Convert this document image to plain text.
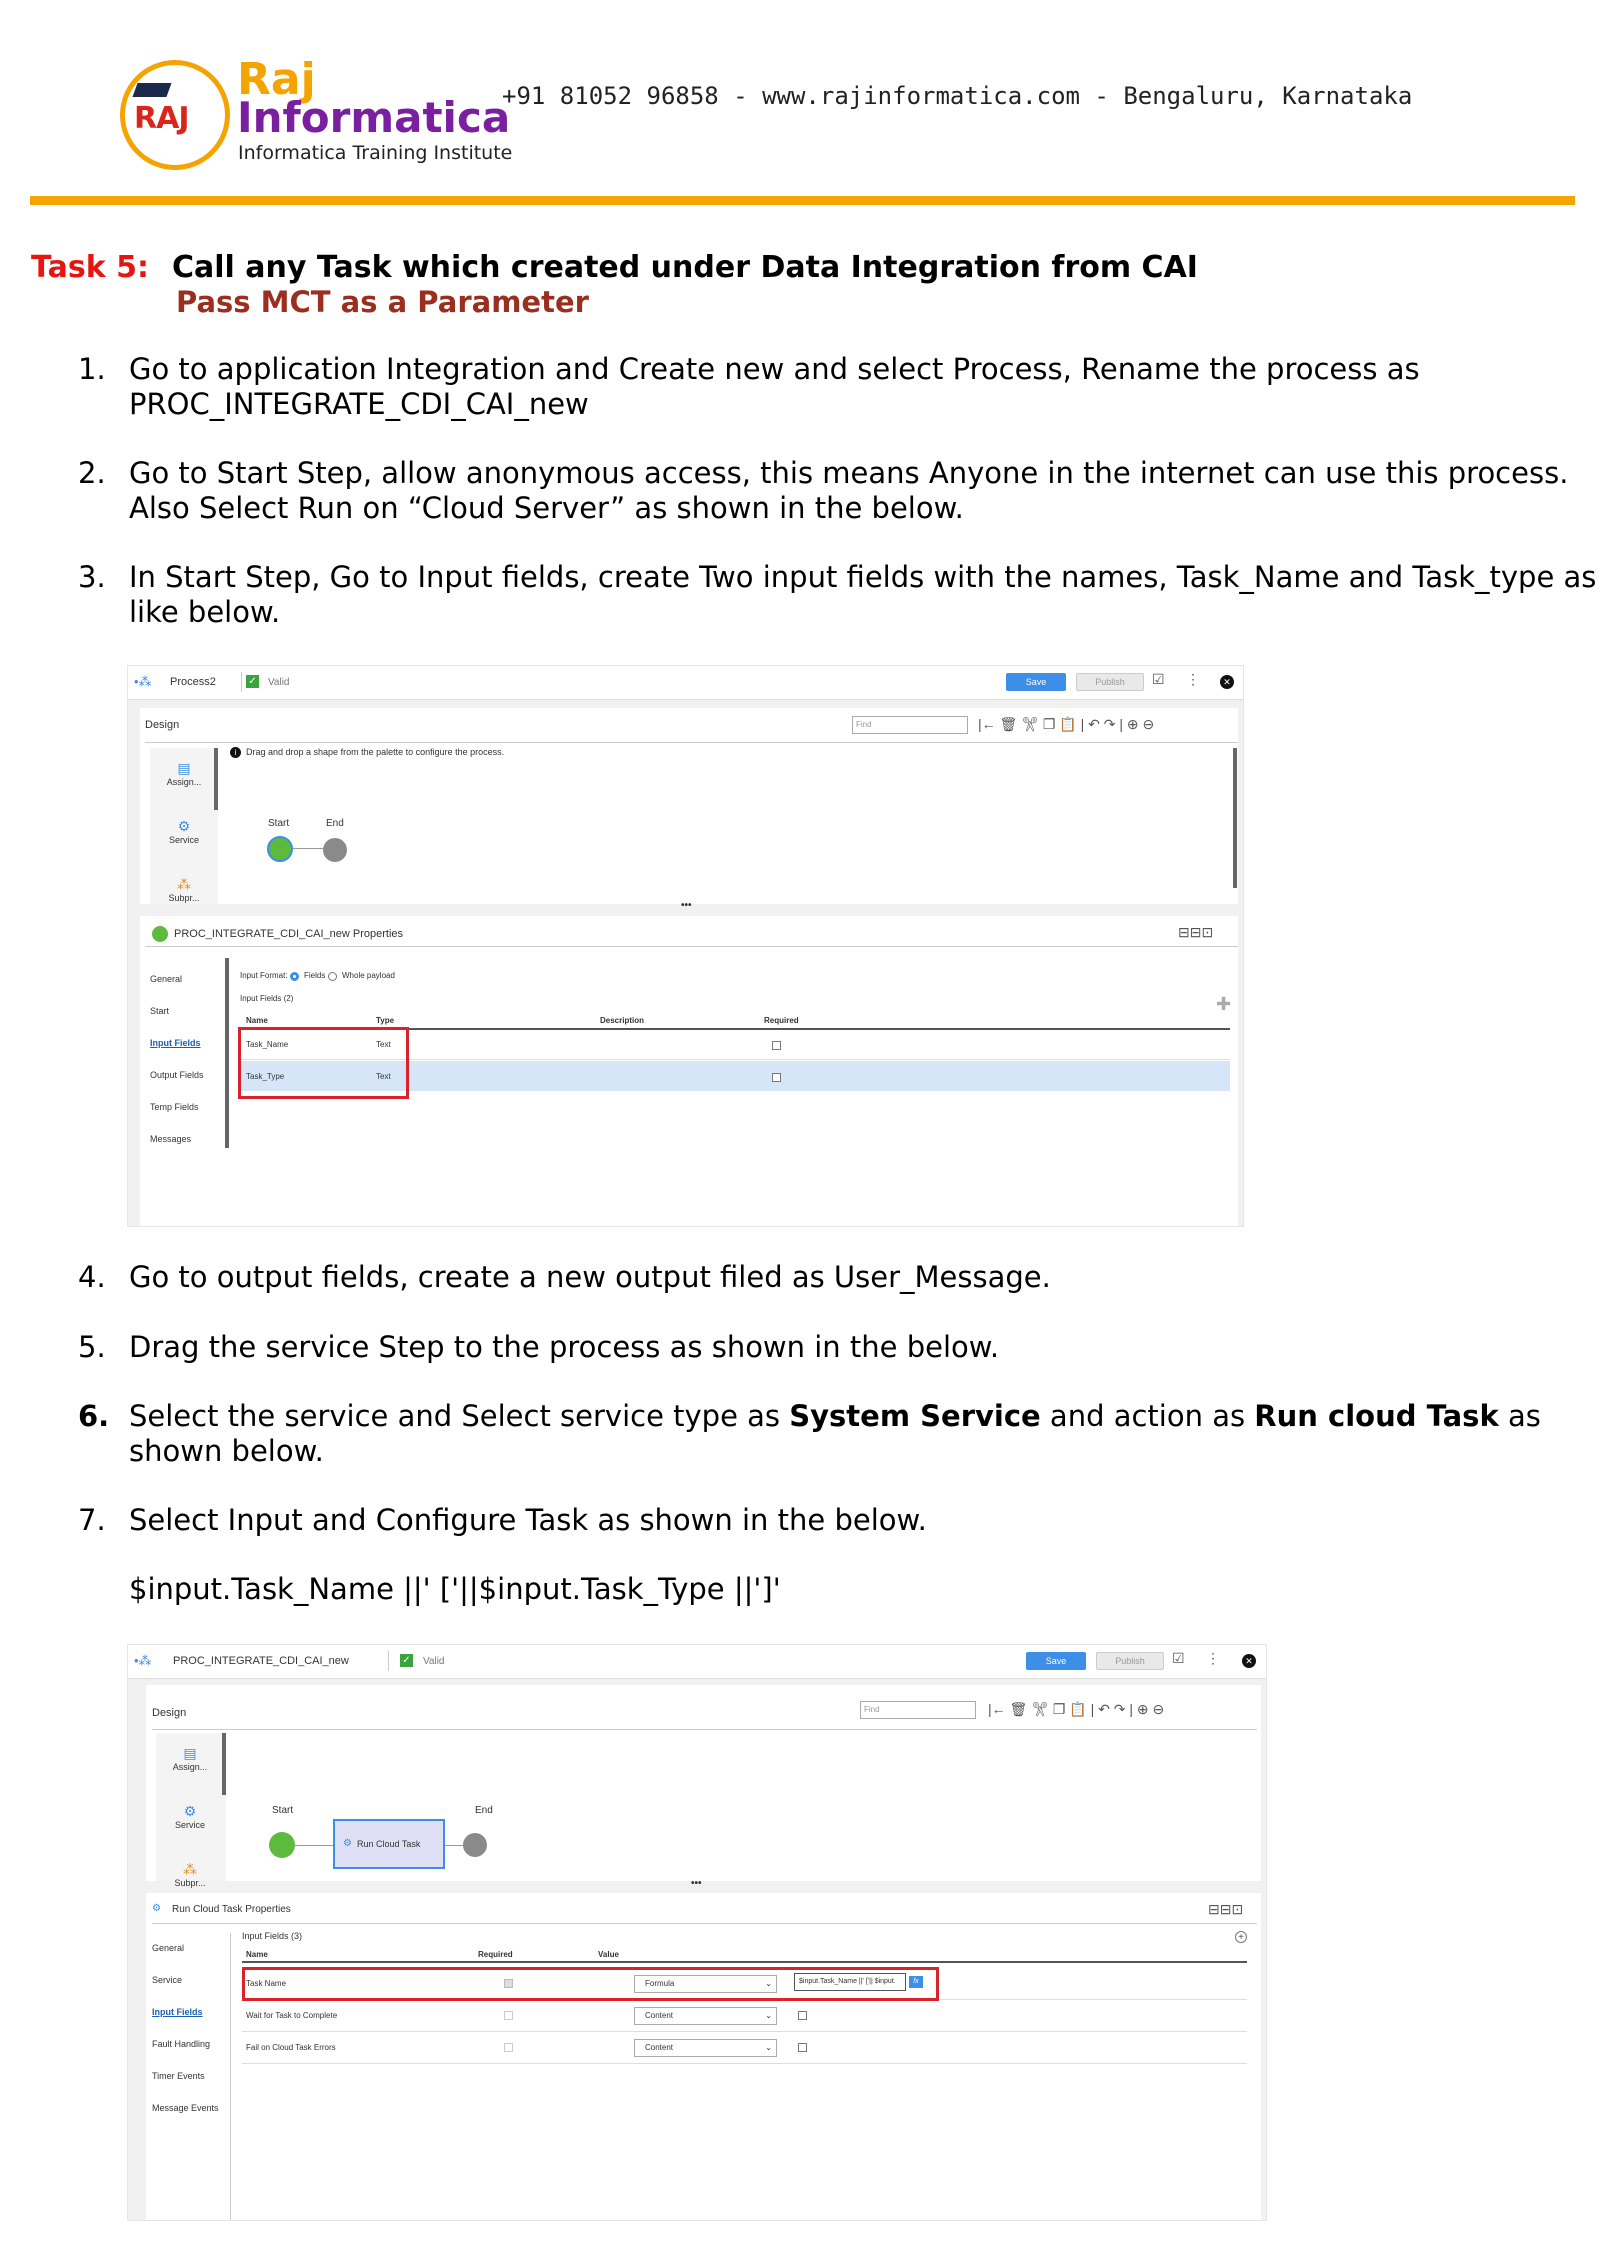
RAJ
Raj
Informatica
Informatica Training Institute
+91 81052 96858 - www.rajinformatica.com - Bengaluru, Karnataka
Task 5: Call any Task which created under Data Integration from CAI
Pass MCT as a Parameter
1. Go to application Integration and Create new and select Process, Rename the process as PROC_INTEGRATE_CDI_CAI_new
2. Go to Start Step, allow anonymous access, this means Anyone in the internet can use this process. Also Select Run on “Cloud Server” as shown in the below.
3. In Start Step, Go to Input fields, create Two input fields with the names, Task_Name and Task_type as like below.
•⁂ Process2	✓ Valid	Save	Publish	☑ ⋮	✕
Design	Find	|← 🗑 ✂ ❐ 📋 | ↶ ↷ | ⊕ ⊖
▤
Assign...
⚙
Service
⁂
Subpr...
i	Drag and drop a shape from the palette to configure the process.
Start	End
•••
PROC_INTEGRATE_CDI_CAI_new Properties	⊟⊟⊡
General
Start
Input Fields
Output Fields
Temp Fields
Messages
Input Format: Fields Whole payload
Input Fields (2)	✚
Name	Type	Description	Required
Task_Name	Text
Task_Type	Text
4. Go to output fields, create a new output filed as User_Message.
5. Drag the service Step to the process as shown in the below.
6. Select the service and Select service type as System Service and action as Run cloud Task as shown below.
7. Select Input and Configure Task as shown in the below.
$input.Task_Name ||' ['||$input.Task_Type ||']'
•⁂ PROC_INTEGRATE_CDI_CAI_new	✓ Valid	Save	Publish	☑ ⋮	✕
Design	Find	|← 🗑 ✂ ❐ 📋 | ↶ ↷ | ⊕ ⊖
▤
Assign...
⚙
Service
⁂
Subpr...
Start	End
⚙ Run Cloud Task
•••
⚙ Run Cloud Task Properties	⊟⊟⊡
General
Service
Input Fields
Fault Handling
Timer Events
Message Events
Input Fields (3)	+
Name	Required	Value
Task Name	Formula	⌄	$input.Task_Name ||' ['|| $input.	fx
Wait for Task to Complete	Content	⌄
Fail on Cloud Task Errors	Content	⌄
